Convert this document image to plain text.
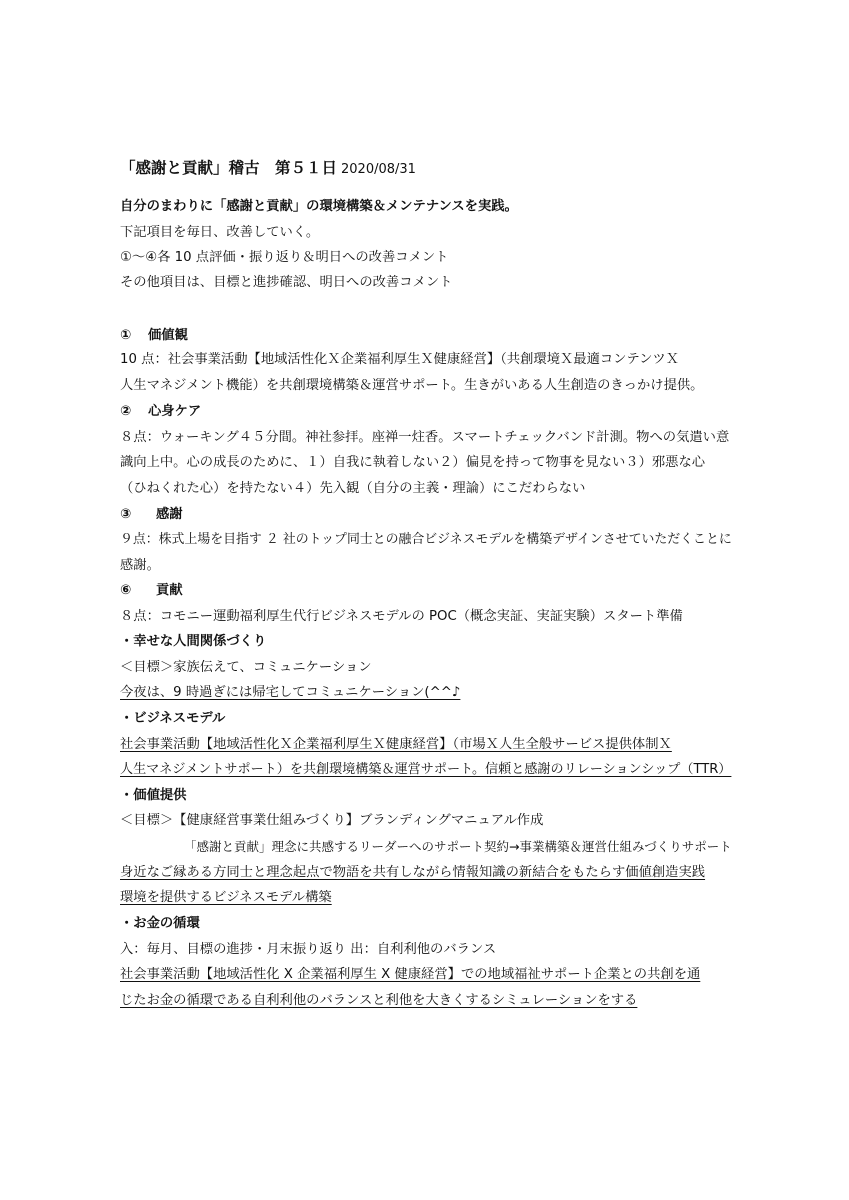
「感謝と貢献」稽古　第５１日 2020/08/31
自分のまわりに「感謝と貢献」の環境構築＆メンテナンスを実践。
下記項目を毎日、改善していく。
①～④各 10 点評価・振り返り＆明日への改善コメント
その他項目は、目標と進捗確認、明日への改善コメント
① 価値観
10 点：社会事業活動【地域活性化Ｘ企業福利厚生Ｘ健康経営】（共創環境Ｘ最適コンテンツＸ
人生マネジメント機能）を共創環境構築＆運営サポート。生きがいある人生創造のきっかけ提供。
② 心身ケア
８点：ウォーキング４５分間。神社参拝。座禅一炷香。スマートチェックバンド計測。物への気遣い意
識向上中。心の成長のために、１）自我に執着しない２）偏見を持って物事を見ない３）邪悪な心
（ひねくれた心）を持たない４）先入観（自分の主義・理論）にこだわらない
③ 感謝
９点：株式上場を目指す ２ 社のトップ同士との融合ビジネスモデルを構築デザインさせていただくことに
感謝。
⑥ 貢献
８点：コモニー運動福利厚生代行ビジネスモデルの POC（概念実証、実証実験）スタート準備
・幸せな人間関係づくり
＜目標＞家族伝えて、コミュニケーション
今夜は、9 時過ぎには帰宅してコミュニケーション(^^♪
・ビジネスモデル
社会事業活動【地域活性化Ｘ企業福利厚生Ｘ健康経営】（市場Ｘ人生全般サービス提供体制Ｘ
人生マネジメントサポート）を共創環境構築＆運営サポート。信頼と感謝のリレーションシップ（TTR）
・価値提供
＜目標＞【健康経営事業仕組みづくり】ブランディングマニュアル作成
「感謝と貢献」理念に共感するリーダーへのサポート契約→事業構築＆運営仕組みづくりサポート
身近なご縁ある方同士と理念起点で物語を共有しながら情報知識の新結合をもたらす価値創造実践
環境を提供するビジネスモデル構築
・お金の循環
入：毎月、目標の進捗・月末振り返り 出：自利利他のバランス
社会事業活動【地域活性化 X 企業福利厚生 X 健康経営】での地域福祉サポート企業との共創を通
じたお金の循環である自利利他のバランスと利他を大きくするシミュレーションをする
